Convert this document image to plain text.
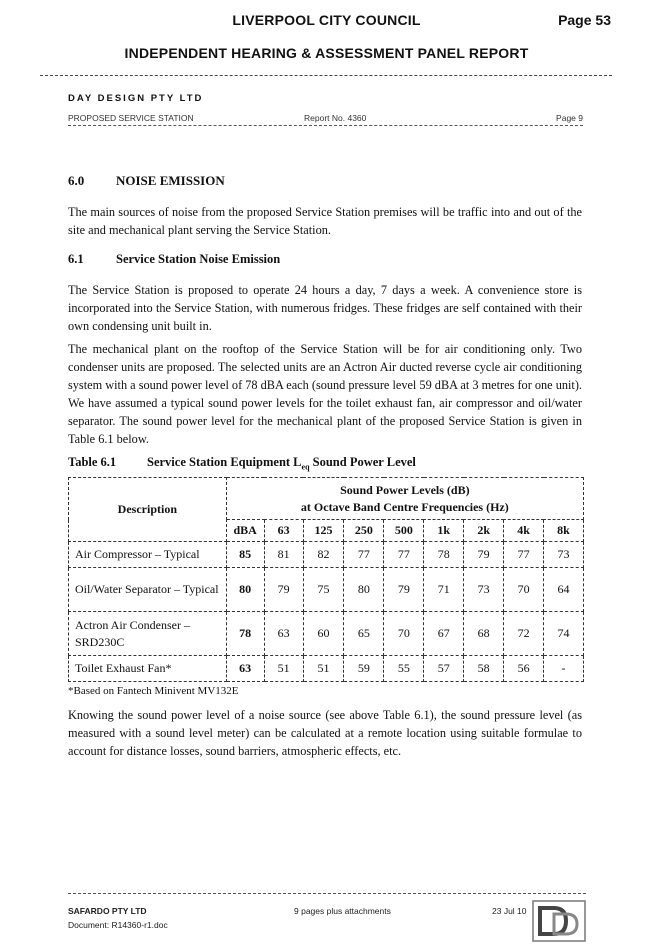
LIVERPOOL CITY COUNCIL	Page 53
INDEPENDENT HEARING & ASSESSMENT PANEL REPORT
DAY DESIGN PTY LTD
PROPOSED SERVICE STATION	Report No. 4360	Page 9
6.0 NOISE EMISSION
The main sources of noise from the proposed Service Station premises will be traffic into and out of the site and mechanical plant serving the Service Station.
6.1	Service Station Noise Emission
The Service Station is proposed to operate 24 hours a day, 7 days a week. A convenience store is incorporated into the Service Station, with numerous fridges. These fridges are self contained with their own condensing unit built in.
The mechanical plant on the rooftop of the Service Station will be for air conditioning only. Two condenser units are proposed. The selected units are an Actron Air ducted reverse cycle air conditioning system with a sound power level of 78 dBA each (sound pressure level 59 dBA at 3 metres for one unit). We have assumed a typical sound power levels for the toilet exhaust fan, air compressor and oil/water separator. The sound power level for the mechanical plant of the proposed Service Station is given in Table 6.1 below.
Table 6.1 Service Station Equipment $L_{eq}$ Sound Power Level
Description	Sound Power Levels (dB)
at Octave Band Centre Frequencies (Hz)								

	dBA	63	125	250	500	1k	2k	4k	8k
Air Compressor – Typical	85	81	82	77	77	78	79	77	73
Oil/Water Separator – Typical	80	79	75	80	79	71	73	70	64
Actron Air Condenser – SRD230C	78	63	60	65	70	67	68	72	74
Toilet Exhaust Fan*	63	51	51	59	55	57	58	56	-
*Based on Fantech Minivent MV132E
Knowing the sound power level of a noise source (see above Table 6.1), the sound pressure level (as measured with a sound level meter) can be calculated at a remote location using suitable formulae to account for distance losses, sound barriers, atmospheric effects, etc.
SAFARDO PTY LTD
Document: R14360-r1.doc
9 pages plus attachments	23 Jul 10
